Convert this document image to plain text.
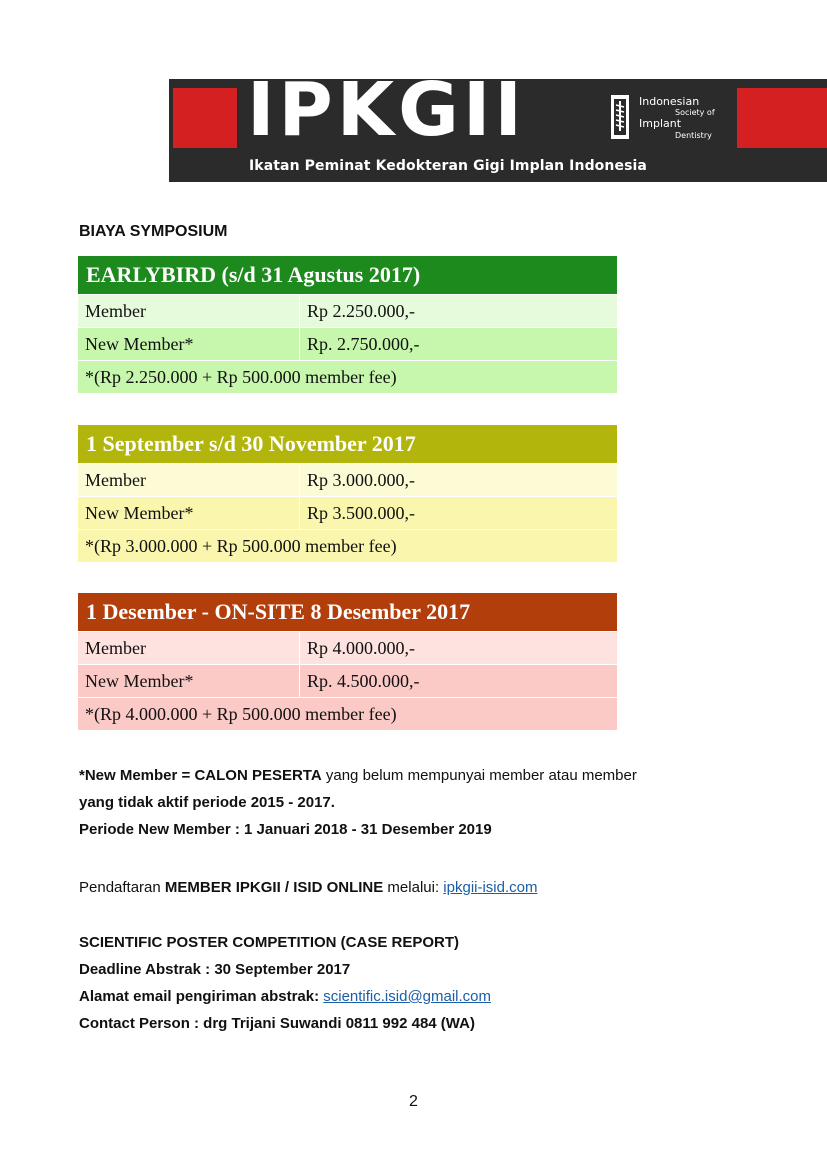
IPKGII	Indonesian
Society of
Implant
Dentistry
Ikatan Peminat Kedokteran Gigi Implan Indonesia
BIAYA SYMPOSIUM
EARLYBIRD (s/d 31 Agustus 2017)
Member	Rp 2.250.000,-
New Member*	Rp. 2.750.000,-
*(Rp 2.250.000 + Rp 500.000 member fee)
1 September s/d 30 November 2017
Member	Rp 3.000.000,-
New Member*	Rp 3.500.000,-
*(Rp 3.000.000 + Rp 500.000 member fee)
1 Desember - ON-SITE 8 Desember 2017
Member	Rp 4.000.000,-
New Member*	Rp. 4.500.000,-
*(Rp 4.000.000 + Rp 500.000 member fee)
*New Member = CALON PESERTA yang belum mempunyai member atau member
yang tidak aktif periode 2015 - 2017.
Periode New Member : 1 Januari 2018 - 31 Desember 2019
Pendaftaran MEMBER IPKGII / ISID ONLINE melalui: ipkgii-isid.com
SCIENTIFIC POSTER COMPETITION (CASE REPORT)
Deadline Abstrak : 30 September 2017
Alamat email pengiriman abstrak: scientific.isid@gmail.com
Contact Person : drg Trijani Suwandi 0811 992 484 (WA)
2
